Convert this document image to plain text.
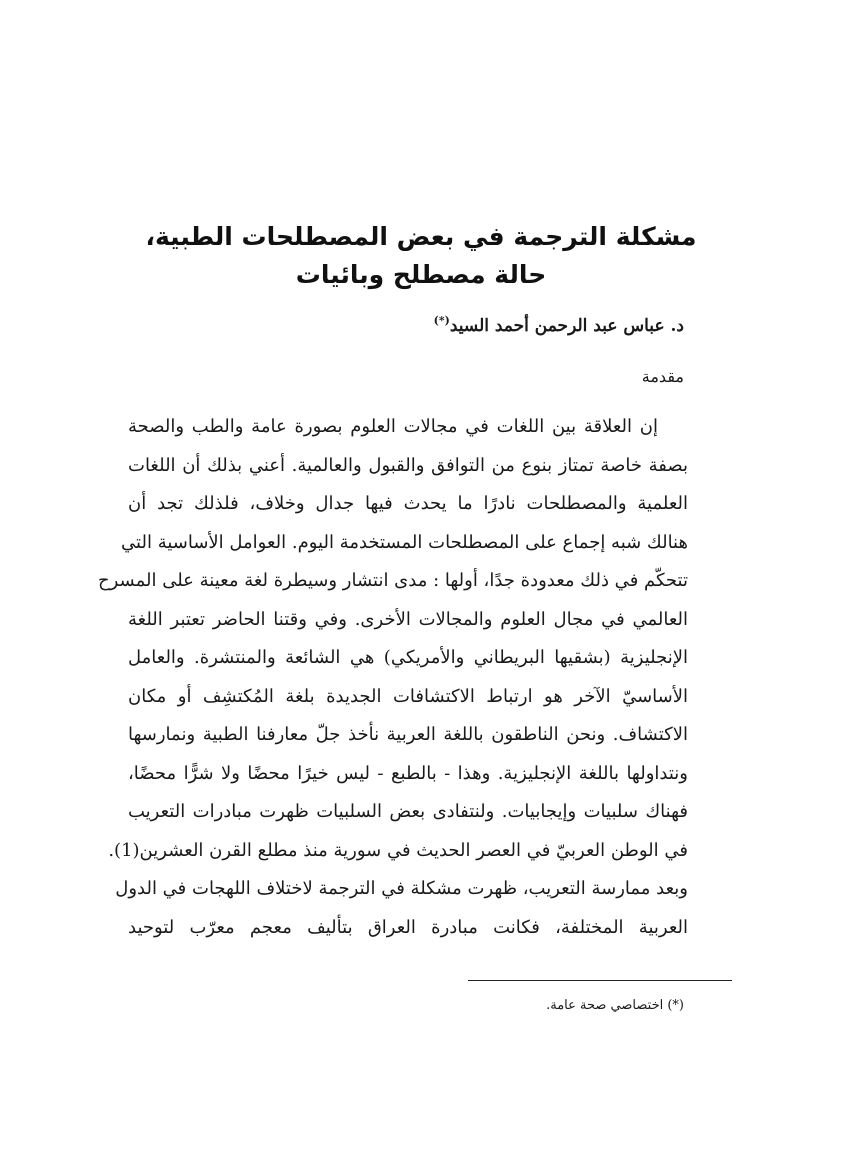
مشكلة الترجمة في بعض المصطلحات الطبية،
حالة مصطلح وبائيات
د. عباس عبد الرحمن أحمد السيد(*)
مقدمة
إن العلاقة بين اللغات في مجالات العلوم بصورة عامة والطب والصحة
بصفة خاصة تمتاز بنوع من التوافق والقبول والعالمية. أعني بذلك أن اللغات
العلمية والمصطلحات نادرًا ما يحدث فيها جدال وخلاف، فلذلك تجد أن
هنالك شبه إجماع على المصطلحات المستخدمة اليوم. العوامل الأساسية التي
تتحكّم في ذلك معدودة جدًا، أولها : مدى انتشار وسيطرة لغة معينة على المسرح
العالمي في مجال العلوم والمجالات الأخرى. وفي وقتنا الحاضر تعتبر اللغة
الإنجليزية (بشقيها البريطاني والأمريكي) هي الشائعة والمنتشرة. والعامل
الأساسيّ الآخر هو ارتباط الاكتشافات الجديدة بلغة المُكتشِف أو مكان
الاكتشاف. ونحن الناطقون باللغة العربية نأخذ جلّ معارفنا الطبية ونمارسها
ونتداولها باللغة الإنجليزية. وهذا - بالطبع - ليس خيرًا محضًا ولا شرًّا محضًا،
فهناك سلبيات وإيجابيات. ولنتفادى بعض السلبيات ظهرت مبادرات التعريب
في الوطن العربيّ في العصر الحديث في سورية منذ مطلع القرن العشرين(1).
وبعد ممارسة التعريب، ظهرت مشكلة في الترجمة لاختلاف اللهجات في الدول
العربية المختلفة، فكانت مبادرة العراق بتأليف معجم معرّب لتوحيد
(*) اختصاصي صحة عامة.
